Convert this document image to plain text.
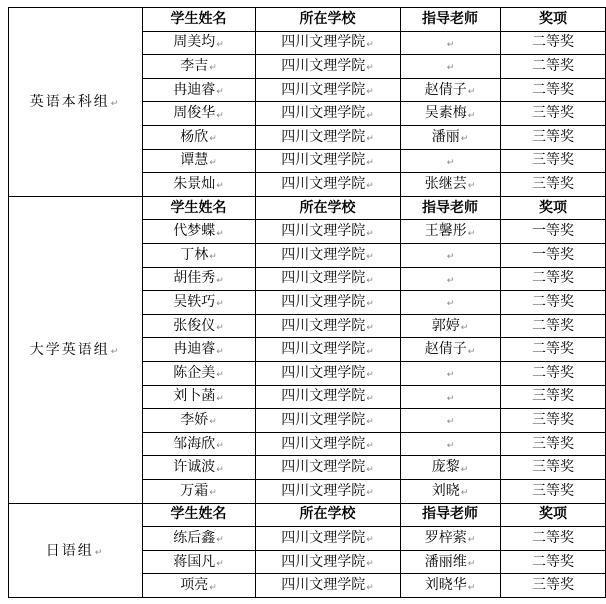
学生姓名	所在学校	指导老师	奖项
周美均 ↵	四川文理学院 ↵	↵	二等奖
李吉 ↵	四川文理学院 ↵	↵	二等奖
冉迪睿 ↵	四川文理学院 ↵	赵倩子 ↵	二等奖
周俊华 ↵	四川文理学院 ↵	吴素梅 ↵	三等奖
杨欣 ↵	四川文理学院 ↵	潘丽 ↵	三等奖
谭慧 ↵	四川文理学院 ↵	↵	三等奖
朱景灿 ↵	四川文理学院 ↵	张继芸 ↵	三等奖
英语本科组 ↵
学生姓名	所在学校	指导老师	奖项
代梦蝶 ↵	四川文理学院 ↵	王馨彤 ↵	一等奖
丁林 ↵	四川文理学院 ↵	↵	一等奖
胡佳秀 ↵	四川文理学院 ↵	↵	二等奖
吴轶巧 ↵	四川文理学院 ↵	↵	二等奖
张俊仪 ↵	四川文理学院 ↵	郭婷 ↵	二等奖
冉迪睿 ↵	四川文理学院 ↵	赵倩子 ↵	二等奖
陈企美 ↵	四川文理学院 ↵	↵	二等奖
刘卜菡 ↵	四川文理学院 ↵	↵	三等奖
李娇 ↵	四川文理学院 ↵	↵	三等奖
邹海欣 ↵	四川文理学院 ↵	↵	三等奖
许诚波 ↵	四川文理学院 ↵	庞黎 ↵	三等奖
万霜 ↵	四川文理学院 ↵	刘晓 ↵	三等奖
大学英语组 ↵
学生姓名	所在学校	指导老师	奖项
练后鑫 ↵	四川文理学院 ↵	罗梓萦 ↵	二等奖
蒋国凡 ↵	四川文理学院 ↵	潘丽维 ↵	二等奖
项亮 ↵	四川文理学院 ↵	刘晓华 ↵	三等奖
日语组 ↵
